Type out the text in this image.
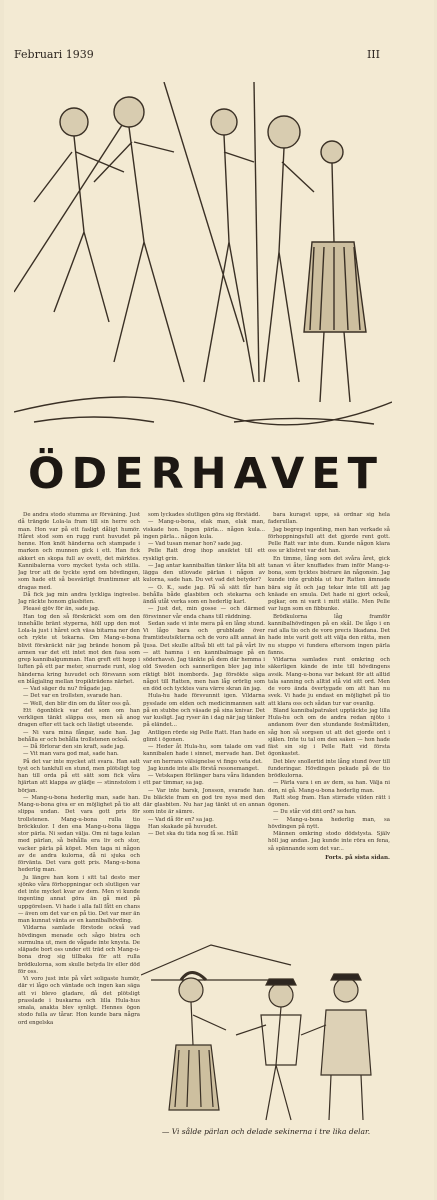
Februari 1939	III
ÖDERHAVET

De andra stodo stumma av förvåning. Just då trängde Lola-la fram till sin herre och man. Hon var på ett fasligt dåligt humör. Håret stod som en rugg runt huvudet på henne. Hon knöt händerna och stampade i marken och munnen gick i ett. Han fick akkert en skopa full av ovett, det märktes. Kannibalerna voro mycket tysta och stilla. Jag tror att de tyckte synd om hövdingen, som hade ett så besvärligt fruntimmer att dragas med.

Då fick jag min andra lyckliga ingivelse. Jag räckte honom glasbiten.

Pleasé gjöv för än, sade jag.

Han tog den så förskräckt som om den innehålle bränt styperna, höll upp den mot Lola-la just i håret och väsa bitarna ner den och rykte ut tekarna. Om Mang-u-bona blivit förskräckt när jag brände honom på armen var det ett intet mot den fasa som grep kannibalgumman. Han greft ett hopp i luften på ett par meter, snurrade runt, slog händerna kring huvudet och försvann som en blågjaling mellan tropikträdens närhet.

— Vad säger du nu? frågade jag.

— Det var en trollsten, svarade han.

— Well, den blir din om du låter oss gå.

Ett ögonblick var det som om han verkligen tänkt släppa oss, men så anog dragen efter ett tack och lästigt utseende.

— Ni vara mina fångar, sade han. Jag behålla er och behålla trollstenen också.

— Då förlorar den sin kraft, sade jag.

— Vit man vara god mat, sade han.

På det var inte mycket att svara. Han satt tyst och tankfull en stund, men plötsligt tog han till orda på ett sätt som fick våra hjärtan att klappa av glädje — stinnstolom i början.

— Mang-u-bona hederlig man, sade han. Mang-u-bona giva er en möjlighet på tio att slippa undan. Det vara gott pris för trollstenen. Mang-u-bona rulla tio bröckkulor. I den ena Mang-u-bona lägga stor pärla. Ni sedan välja. Om ni taga kulan med pärlan, så behålla era liv och stor, vacker pärla på köpet. Men taga ni någon av de andra kulorna, då ni sjuka och förvänta. Det vara gott pris. Mang-u-bona hederlig man.

Ju längre han kom i sitt tal desto mer sjönko våra förhoppningar och slutligen var det inte mycket kvar av dem. Men vi kunde ingenting annat göra än gå med på uppgörelsen. Vi hade i alla fall fått en chans — även om det var en på tio. Det var mer än man kunnat vänta av en kannibalhövding.

Vildarna samlade förstode också vad hövdingen menade och sågo bistra och surmulna ut, men de vågade inte knysta. De släpade bort oss under ett träd och Mang-u-bona drog sig tillbaka för att rulla brödkulorna, som skulle betyda liv eller död för oss.

Vi voro just inte på vårt soligaste humör, där vi lågo och väntade och ingen kan säga att vi blevo gladare, då det plötsligt prasslade i buskarna och lilla Hula-hus smala, anakta blev synligt. Hennes ögon stodo fulla av tårar. Hon kunde bara några ord engelska

som lyckades slutligen göra sig förstådd.

— Mang-u-bona, elak man, elak man, viskade hon. Ingen pärla... någon kula... ingen pärla... någon kula.

— Vad tusan menar hon? sade jag.

Pelle Ratt drog ihop ansiktet till ett ryskligt grin.

— Jag antar kannibalfan tänker låta bli att lägga den utlovade pärlan i någon av kulorna, sade han. Du vet vad det betyder?

— O. K., sade jag. På så sätt får han behålla både glasbiten och stekarna och ändå utåt verka som en hederlig karl.

— Just det, min gosse — och därmed försvinner vår enda chans till räddning.

Sedan sade vi inte mera på en lång stund. Vi lågo bara och grubblade över framtidsutsikterna och de voro allt annat än ljusa. Det skulle alltså bli ett tal på vårt liv — att hamna i en kannibalmage på en söderhavsö. Jag tänkte på dem där hemma i old Sweden och sannerligen blev jag inte riktigt blöt inombords. Jag försökte säga något till Ratten, men han låg orörlig som en död och tycktes vara värre skran än jag.

Hula-hu hade försvunnit igen. Vildarna pysslade om elden och medicinmannen satt på en stubbe och väsade på sina knivar. Det var kusligt. Jag ryser än i dag när jag tänker på eländet...

Antligen rörde sig Pelle Ratt. Han hade en glimt i ögonen.

— Heder åt Hula-hu, som talade om vad kannibalen hade i sinnet, mervade han. Det var en herrans välsignelse vi fingo veta det.

Jag kunde inte alls förstå resonemanget.

— Vetskapen förlänger bara våra lidanden ett par timmar, sa jag.

— Var inte barsk, Jonsson, svarade han. Du bläckte fram en god tre nyss med den där glasbiten. Nu har jag tänkt ut en annan som inte är sämre.

— Vad då för en? sa jag.

Han skakade på huvudet.

— Det ska du tida nog få se. Håll

bara kuragst uppe, så ordnar sig hela faderullan.

Jag begrep ingenting, men han verkade så förhoppningsfull att det gjorde rent gott. Pelle Ratt var inte dum. Kunde någon klara oss ur klistret var det han.

En timme, lång som det svåra året, gick tanan vi åter knuffades fram inför Mang-u-bona, som tycktes bistrare än någonsin. Jag kunde inte grubbla ut hur Ratten ämnade bära sig åt och jag tekar inte till att jag knäade en smula. Det hade ni gjort också, pojkar, om ni varit i mitt ställe. Men Pelle var lugn som en fibbunke.

Brödkulorna låg framför kannibalhövdingen på en skål. De lågo i en rad alla tio och de voro precis likadana. Det hade inte varit gott att välja den rätta, men nu stuppo vi fundera eftersom ingen pärla fanns.

Vildarna samlades runt omkring och säkerligen kände de inte till hövdingens avsik. Mang-u-bona var bekant för att alltid tala sanning och alltid stå vid sitt ord. Men de voro ända övertygade om att han nu svek. Vi hade ju endast en möjlighet på tio att klara oss och sådan tur var ovanlig.

Bland kannibalpatraket upptäckte jag lilla Hula-hu och om de andra redan njöto i andanom över den stundande festmåltiden, såg hon så sorgsen ut att det gjorde ont i själen. Inte tu tal om den saken — hon hade fäst sin sig i Pelle Ratt vid första ögonkastet.

Det blev snollertid inte lång stund över till funderingar. Hövdingen pekade på de tio brödkulorna.

— Pärla vara i en av dem, sa han. Välja ni den, ni gå. Mang-u-bona hederlig man.

Ratt steg fram. Han stirrade vilden rätt i ögonen.

— Du står vid ditt ord? sa han.

— Mang-u-bona hederlig man, sa hövdingen på nytt.

Männen omkring stodo dödstysta. Själv höll jag andan. Jag kunde inte röra en fena, så spännande som det var...

Forts. på sista sidan.
— Vi sålde pärlan och delade sekinerna i tre lika delar.
